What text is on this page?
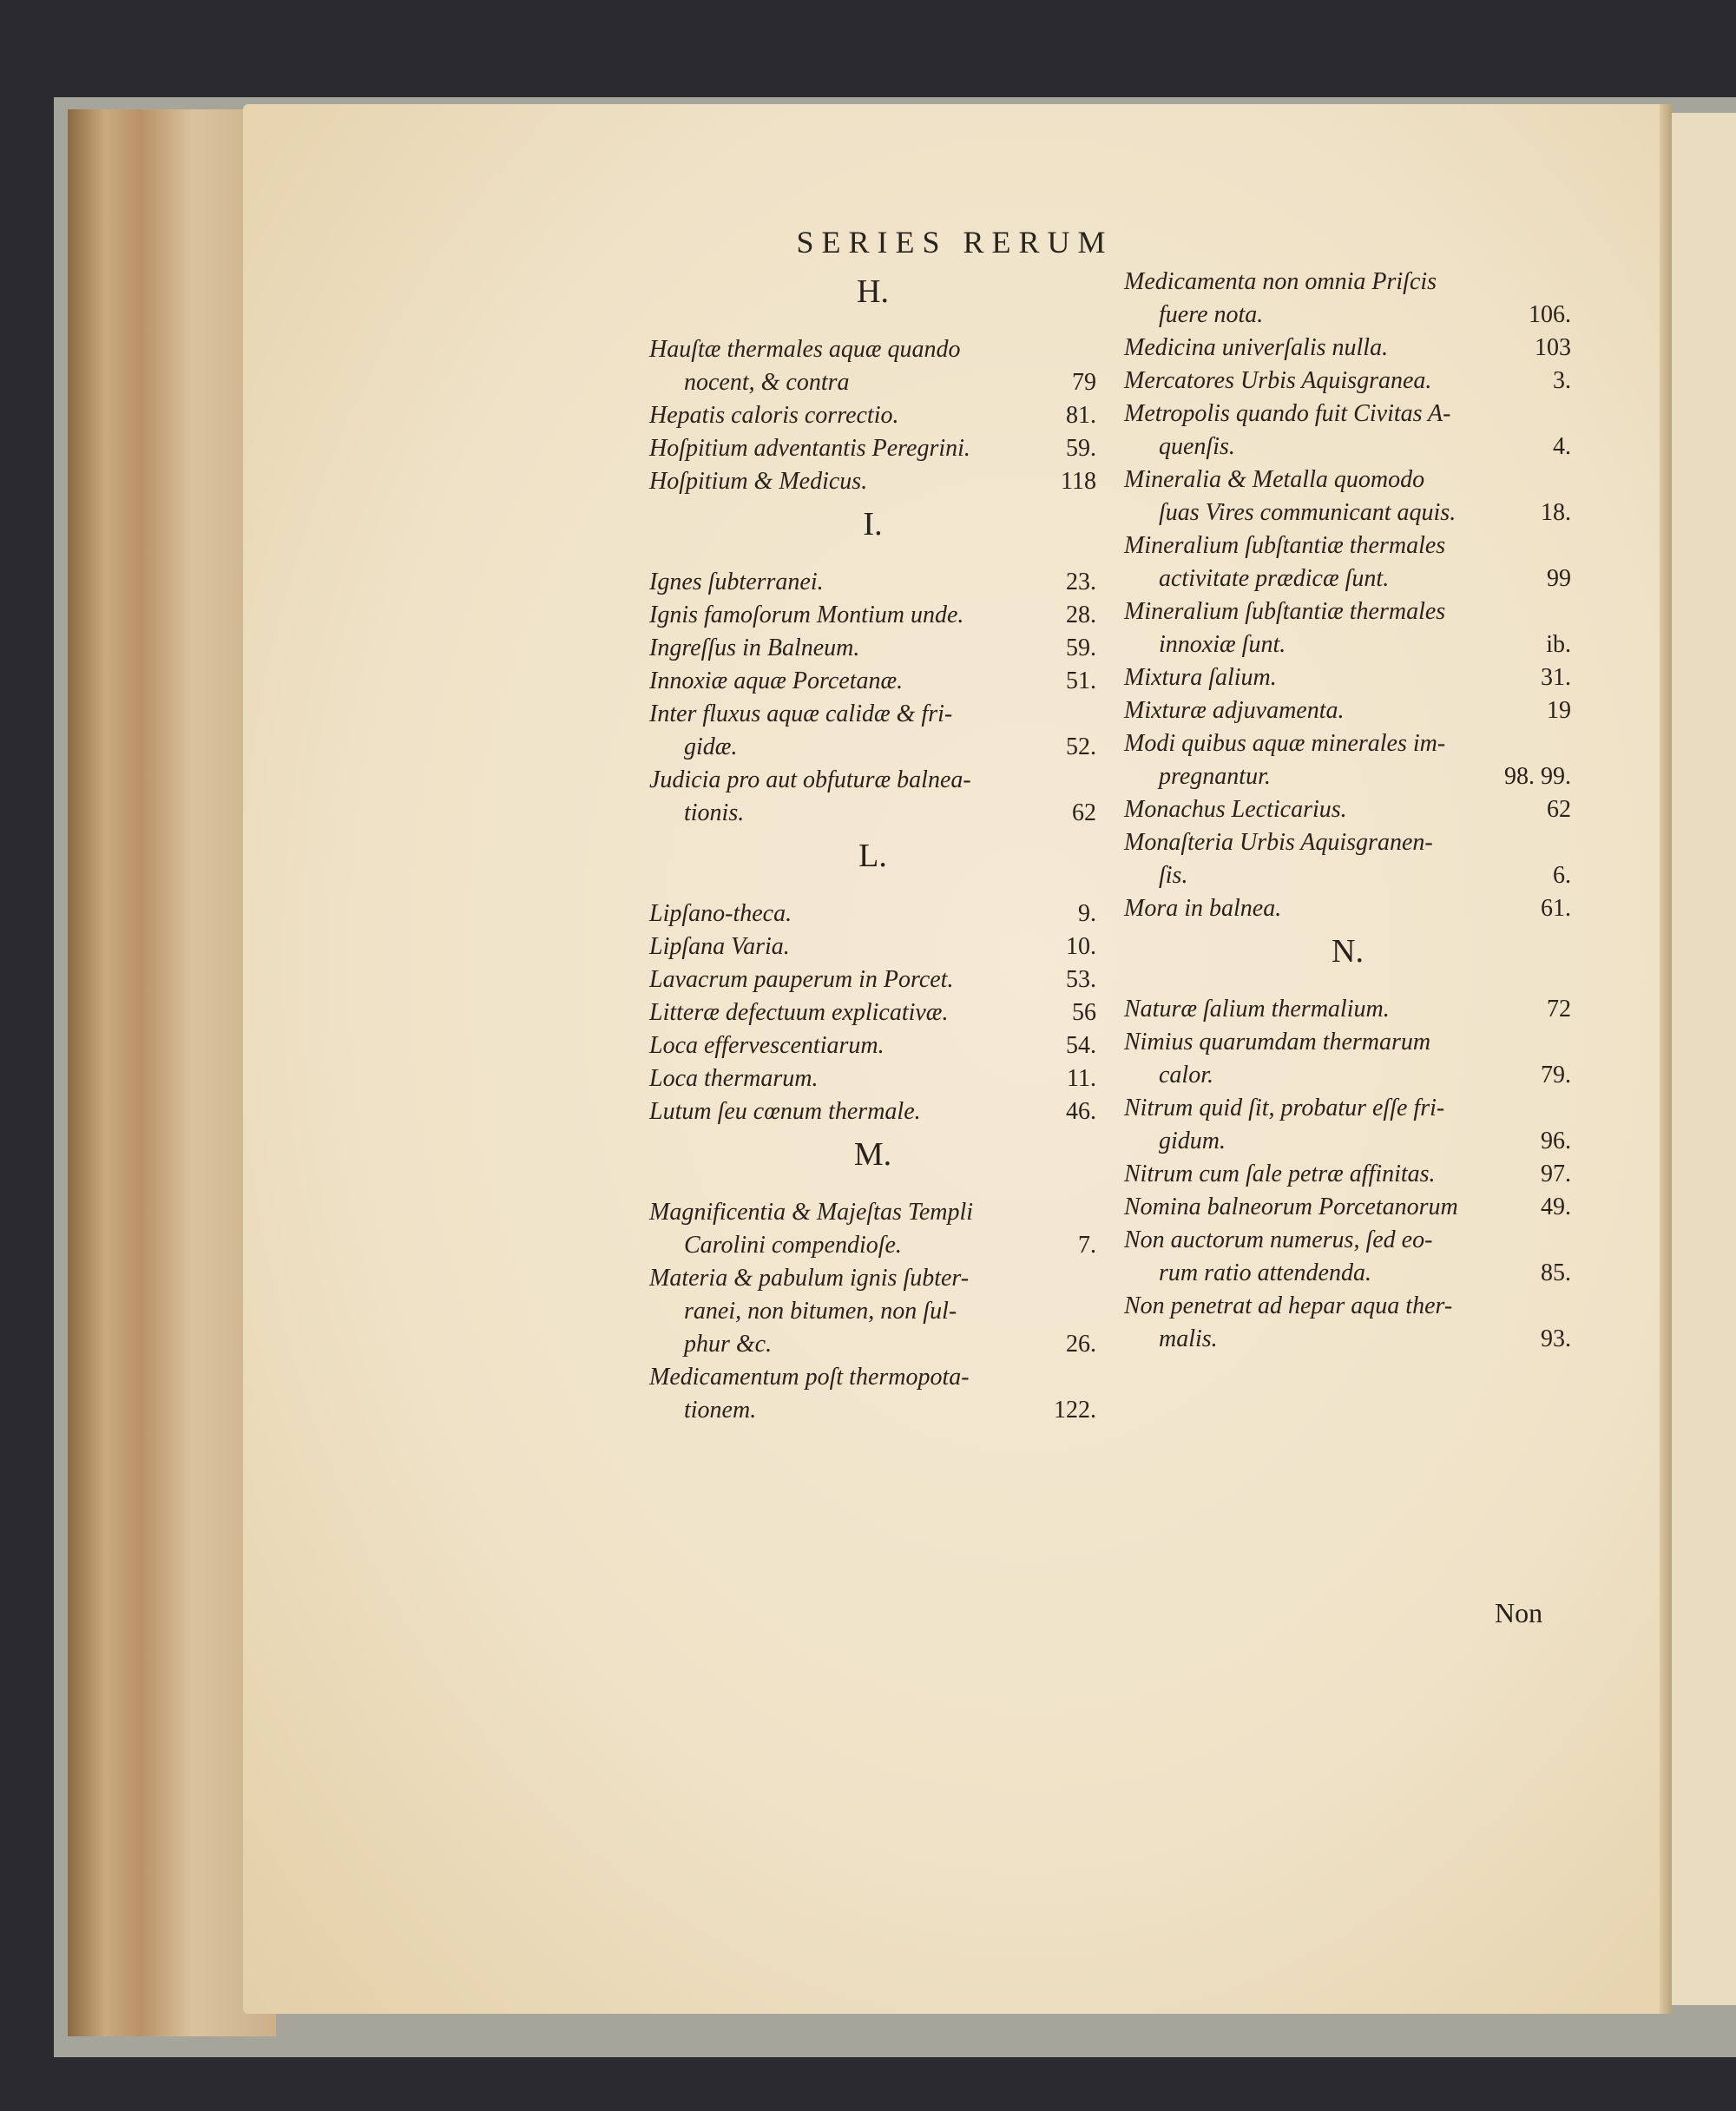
SERIES RERUM
H.
Hauſtæ thermales aquæ quando
nocent, & contra	79
Hepatis caloris correctio.	81.
Hoſpitium adventantis Peregrini.	59.
Hoſpitium & Medicus.	118
I.
Ignes ſubterranei.	23.
Ignis famoſorum Montium unde.	28.
Ingreſſus in Balneum.	59.
Innoxiæ aquæ Porcetanæ.	51.
Inter fluxus aquæ calidæ & fri-
gidæ.	52.
Judicia pro aut obfuturæ balnea-
tionis.	62
L.
Lipſano-theca.	9.
Lipſana Varia.	10.
Lavacrum pauperum in Porcet.	53.
Litteræ defectuum explicativæ.	56
Loca effervescentiarum.	54.
Loca thermarum.	11.
Lutum ſeu cœnum thermale.	46.
M.
Magnificentia & Majeſtas Templi
Carolini compendioſe.	7.
Materia & pabulum ignis ſubter-
ranei, non bitumen, non ſul-
phur &c.	26.
Medicamentum poſt thermopota-
tionem.	122.
Medicamenta non omnia Priſcis
fuere nota.	106.
Medicina univerſalis nulla.	103
Mercatores Urbis Aquisgranea.	3.
Metropolis quando fuit Civitas A-
quenſis.	4.
Mineralia & Metalla quomodo
ſuas Vires communicant aquis.	18.
Mineralium ſubſtantiæ thermales
activitate prædicæ ſunt.	99
Mineralium ſubſtantiæ thermales
innoxiæ ſunt.	ib.
Mixtura ſalium.	31.
Mixturæ adjuvamenta.	19
Modi quibus aquæ minerales im-
pregnantur.	98. 99.
Monachus Lecticarius.	62
Monaſteria Urbis Aquisgranen-
ſis.	6.
Mora in balnea.	61.
N.
Naturæ ſalium thermalium.	72
Nimius quarumdam thermarum
calor.	79.
Nitrum quid ſit, probatur eſſe fri-
gidum.	96.
Nitrum cum ſale petræ affinitas.	97.
Nomina balneorum Porcetanorum	49.
Non auctorum numerus, ſed eo-
rum ratio attendenda.	85.
Non penetrat ad hepar aqua ther-
malis.	93.
Non
